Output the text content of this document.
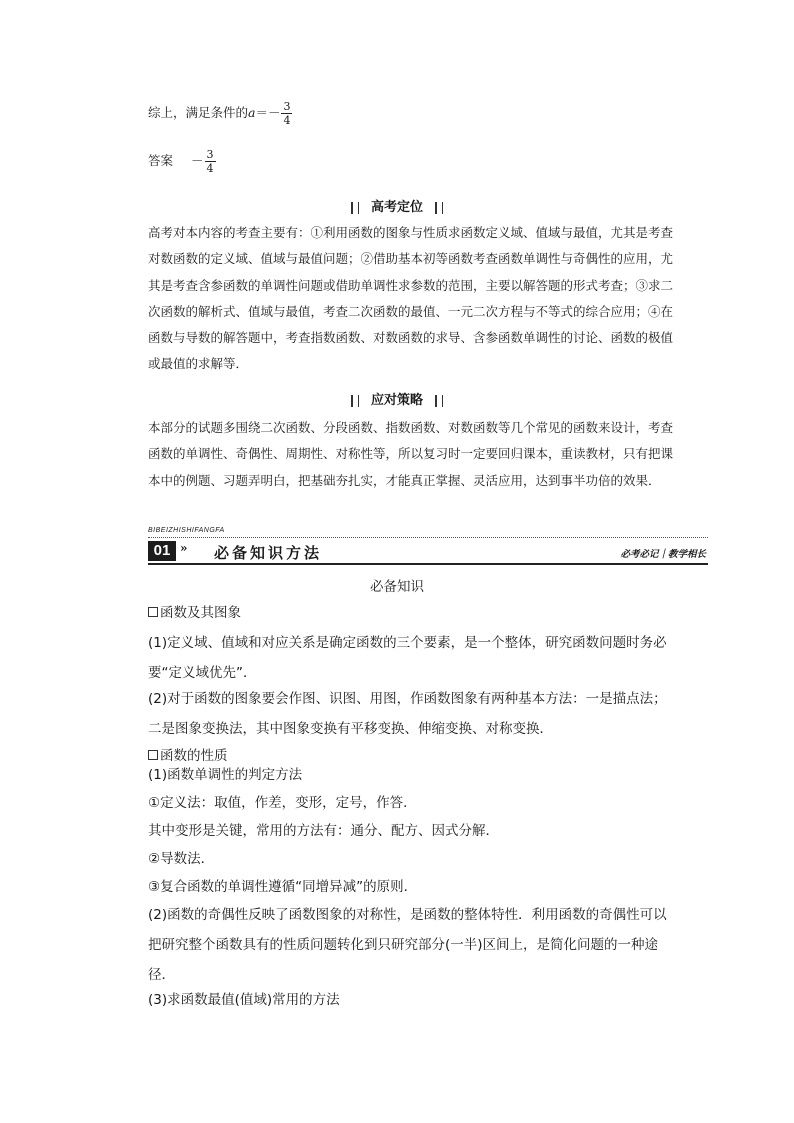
综上，满足条件的$a=- \frac{3}{4}$
答案 － $\frac{3}{4}$
高考定位
高考对本内容的考查主要有：①利用函数的图象与性质求函数定义域、值域与最值，尤其是考查对数函数的定义域、值域与最值问题；②借助基本初等函数考查函数单调性与奇偶性的应用，尤其是考查含参函数的单调性问题或借助单调性求参数的范围，主要以解答题的形式考查；③求二次函数的解析式、值域与最值，考查二次函数的最值、一元二次方程与不等式的综合应用；④在函数与导数的解答题中，考查指数函数、对数函数的求导、含参函数单调性的讨论、函数的极值或最值的求解等．
应对策略
本部分的试题多围绕二次函数、分段函数、指数函数、对数函数等几个常见的函数来设计，考查函数的单调性、奇偶性、周期性、对称性等，所以复习时一定要回归课本，重读教材，只有把课本中的例题、习题弄明白，把基础夯扎实，才能真正掌握、灵活应用，达到事半功倍的效果．
BIBEIZHISHIFANGFA
01 » 必备知识方法	必考必记｜教学相长
必备知识
函数及其图象
(1)定义域、值域和对应关系是确定函数的三个要素，是一个整体，研究函数问题时务必要“定义域优先”．
(2)对于函数的图象要会作图、识图、用图，作函数图象有两种基本方法：一是描点法；二是图象变换法，其中图象变换有平移变换、伸缩变换、对称变换．
函数的性质
(1)函数单调性的判定方法
①定义法：取值，作差，变形，定号，作答．
其中变形是关键，常用的方法有：通分、配方、因式分解．
②导数法．
③复合函数的单调性遵循“同增异减”的原则．
(2)函数的奇偶性反映了函数图象的对称性，是函数的整体特性．利用函数的奇偶性可以把研究整个函数具有的性质问题转化到只研究部分(一半)区间上，是简化问题的一种途径．
(3)求函数最值(值域)常用的方法
